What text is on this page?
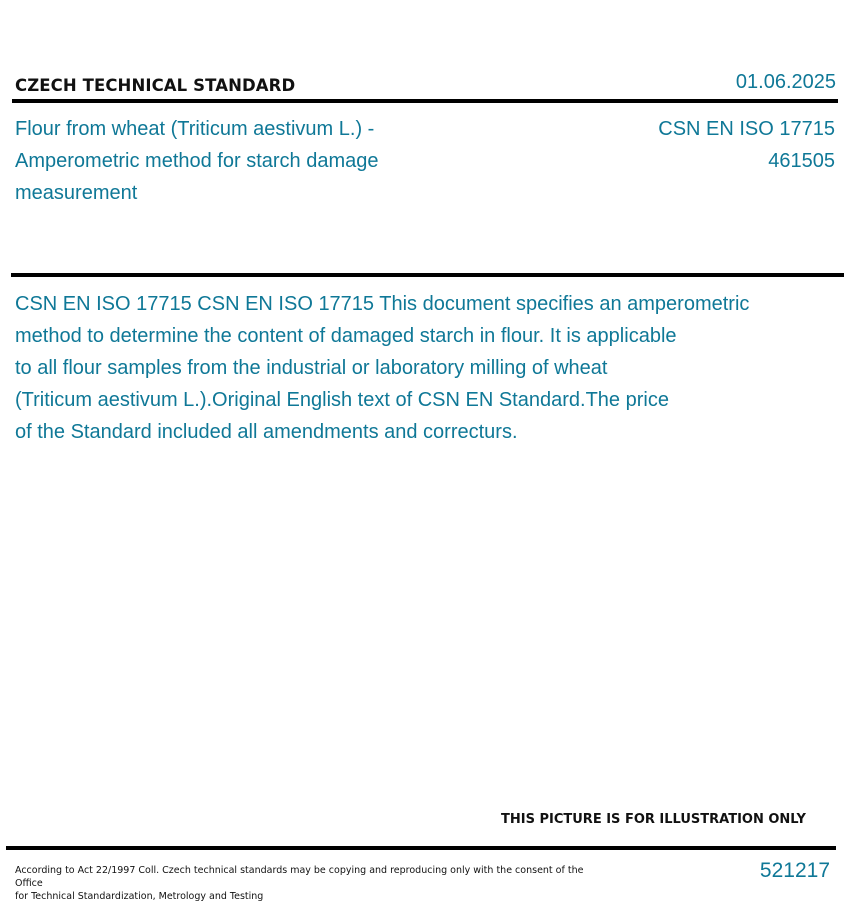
CZECH TECHNICAL STANDARD	01.06.2025
Flour from wheat (Triticum aestivum L.) - Amperometric method for starch damage measurement
CSN EN ISO 17715
461505
CSN EN ISO 17715 CSN EN ISO 17715 This document specifies an amperometric
method to determine the content of damaged starch in flour. It is applicable
to all flour samples from the industrial or laboratory milling of wheat
(Triticum aestivum L.).Original English text of CSN EN Standard.The price
of the Standard included all amendments and correcturs.
THIS PICTURE IS FOR ILLUSTRATION ONLY
According to Act 22/1997 Coll. Czech technical standards may be copying and reproducing only with the consent of the Office
for Technical Standardization, Metrology and Testing
521217
